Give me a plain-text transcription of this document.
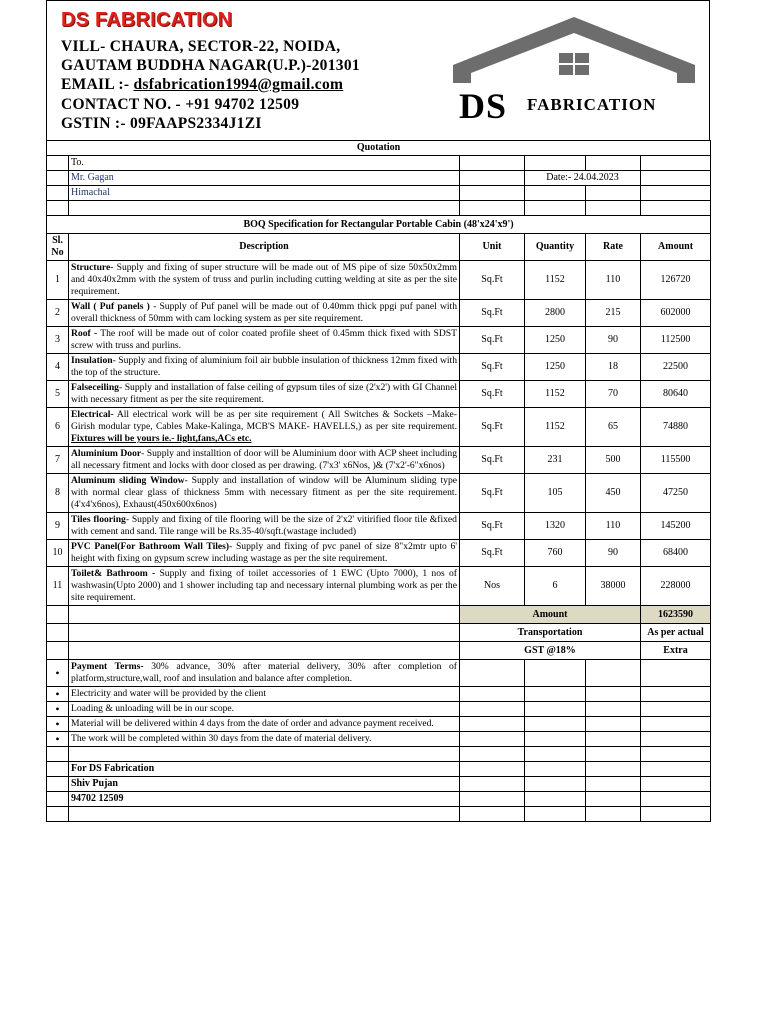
DS FABRICATION
VILL- CHAURA, SECTOR-22, NOIDA,
GAUTAM BUDDHA NAGAR(U.P.)-201301
EMAIL :- dsfabrication1994@gmail.com
CONTACT NO. - +91 94702 12509
GSTIN :- 09FAAPS2334J1ZI	DS FABRICATION
Quotation					
	To.				
	Mr. Gagan		Date:- 24.04.2023		
	Himachal				

BOQ Specification for Rectangular Portable Cabin (48'x24'x9')					
Sl. No	Description	Unit	Quantity	Rate	Amount
1	Structure- Supply and fixing of super structure will be made out of MS pipe of size 50x50x2mm and 40x40x2mm with the system of truss and purlin including cutting welding at site as per the site requirement.	Sq.Ft	1152	110	126720
2	Wall ( Puf panels ) - Supply of Puf panel will be made out of 0.40mm thick ppgi puf panel with overall thickness of 50mm with cam locking system as per site requirement.	Sq.Ft	2800	215	602000
3	Roof - The roof will be made out of color coated profile sheet of 0.45mm thick fixed with SDST screw with truss and purlins.	Sq.Ft	1250	90	112500
4	Insulation- Supply and fixing of aluminium foil air bubble insulation of thickness 12mm fixed with the top of the structure.	Sq.Ft	1250	18	22500
5	Falseceiling- Supply and installation of false ceiling of gypsum tiles of size (2'x2') with GI Channel with necessary fitment as per the site requirement.	Sq.Ft	1152	70	80640
6	Electrical- All electrical work will be as per site requirement ( All Switches & Sockets –Make-Girish modular type, Cables Make-Kalinga, MCB'S MAKE- HAVELLS,) as per site requirement. Fixtures will be yours ie.- light,fans,ACs etc.	Sq.Ft	1152	65	74880
7	Aluminium Door- Supply and installtion of door will be Aluminium door with ACP sheet including all necessary fitment and locks with door closed as per drawing. (7'x3' x6Nos, )& (7'x2'-6"x6nos)	Sq.Ft	231	500	115500
8	Aluminum sliding Window- Supply and installation of window will be Aluminum sliding type with normal clear glass of thickness 5mm with necessary fitment as per the site requirement. (4'x4'x6nos), Exhaust(450x600x6nos)	Sq.Ft	105	450	47250
9	Tiles flooring- Supply and fixing of tile flooring will be the size of 2'x2' vitirified floor tile &fixed with cement and sand. Tile range will be Rs.35-40/sqft.(wastage included)	Sq.Ft	1320	110	145200
10	PVC Panel(For Bathroom Wall Tiles)- Supply and fixing of pvc panel of size 8"x2mtr upto 6' height with fixing on gypsum screw including wastage as per the site requirement.	Sq.Ft	760	90	68400
11	Toilet& Bathroom - Supply and fixing of toilet accessories of 1 EWC (Upto 7000), 1 nos of washwasin(Upto 2000) and 1 shower including tap and necessary internal plumbing work as per the site requirement.	Nos	6	38000	228000
		Amount			1623590
		Transportation			As per actual
		GST @18%			Extra
•	Payment Terms- 30% advance, 30% after material delivery, 30% after completion of platform,structure,wall, roof and insulation and balance after completion.				
•	Electricity and water will be provided by the client				
•	Loading & unloading will be in our scope.				
•	Material will be delivered within 4 days from the date of order and advance payment received.				
•	The work will be completed within 30 days from the date of material delivery.				

	For DS Fabrication				
	Shiv Pujan				
	94702 12509				
